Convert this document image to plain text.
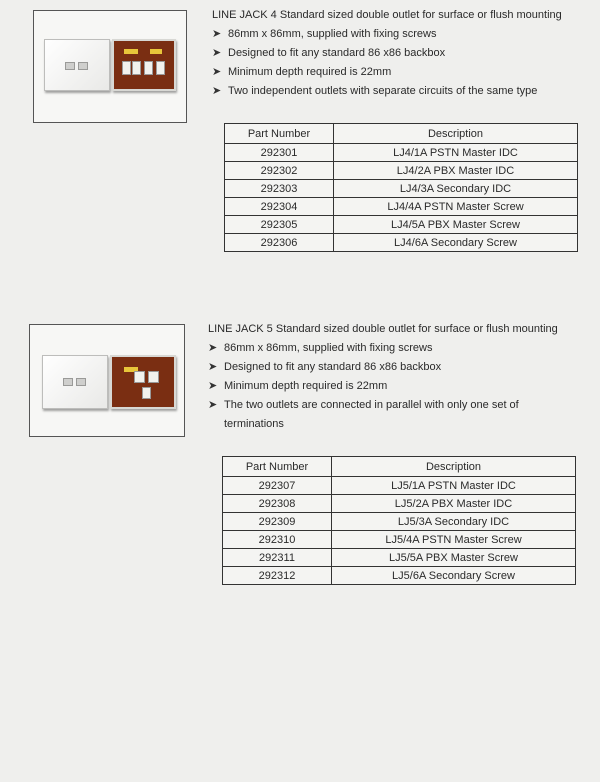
LINE JACK 4 Standard sized double outlet for surface or flush mounting
➤ 86mm x 86mm, supplied with fixing screws
➤ Designed to fit any standard 86 x86 backbox
➤ Minimum depth required is 22mm
➤ Two independent outlets with separate circuits of the same type
Part Number	Description
292301	LJ4/1A PSTN Master IDC
292302	LJ4/2A PBX Master IDC
292303	LJ4/3A Secondary IDC
292304	LJ4/4A PSTN Master Screw
292305	LJ4/5A PBX Master Screw
292306	LJ4/6A Secondary Screw
LINE JACK 5 Standard sized double outlet for surface or flush mounting
➤ 86mm x 86mm, supplied with fixing screws
➤ Designed to fit any standard 86 x86 backbox
➤ Minimum depth required is 22mm
➤ The two outlets are connected in parallel with only one set of
terminations
Part Number	Description
292307	LJ5/1A PSTN Master IDC
292308	LJ5/2A PBX Master IDC
292309	LJ5/3A Secondary IDC
292310	LJ5/4A PSTN Master Screw
292311	LJ5/5A PBX Master Screw
292312	LJ5/6A Secondary Screw
